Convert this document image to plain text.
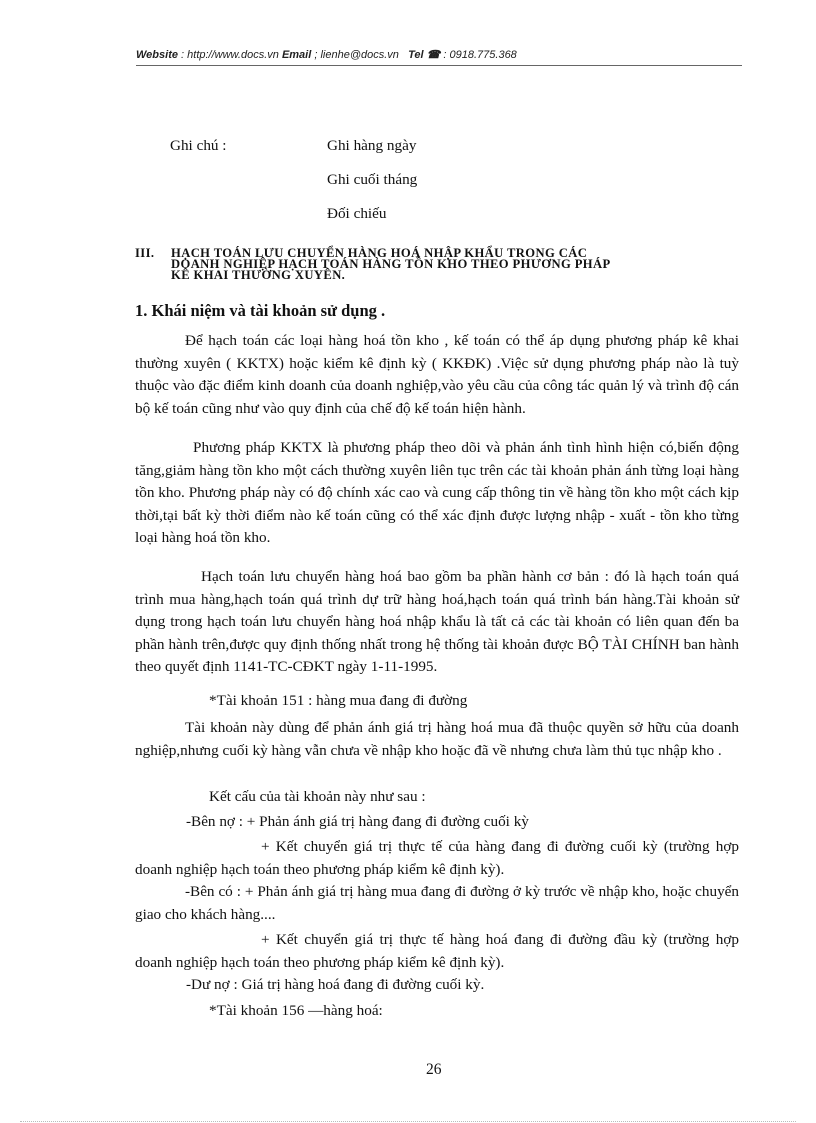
Website : http://www.docs.vn Email ; lienhe@docs.vn Tel ☎ : 0918.775.368
Ghi chú :	Ghi hàng ngày
Ghi cuối tháng
Đối chiếu
III. HẠCH TOÁN LƯU CHUYỂN HÀNG HOÁ NHẬP KHẨU TRONG CÁC
DOANH NGHIỆP HẠCH TOÁN HÀNG TỒN KHO THEO PHƯƠNG PHÁP
KÊ KHAI THƯỜNG XUYÊN.
1. Khái niệm và tài khoản sử dụng .
Để hạch toán các loại hàng hoá tồn kho , kế toán có thể áp dụng phương pháp kê khai thường xuyên ( KKTX) hoặc kiểm kê định kỳ ( KKĐK) .Việc sử dụng phương pháp nào là tuỳ thuộc vào đặc điểm kinh doanh của doanh nghiệp,vào yêu cầu của công tác quản lý và trình độ cán bộ kế toán cũng như vào quy định của chế độ kế toán hiện hành.
Phương pháp KKTX là phương pháp theo dõi và phản ánh tình hình hiện có,biến động tăng,giảm hàng tồn kho một cách thường xuyên liên tục trên các tài khoản phản ánh từng loại hàng tồn kho. Phương pháp này có độ chính xác cao và cung cấp thông tin về hàng tồn kho một cách kịp thời,tại bất kỳ thời điểm nào kế toán cũng có thể xác định được lượng nhập - xuất - tồn kho từng loại hàng hoá tồn kho.
Hạch toán lưu chuyển hàng hoá bao gồm ba phần hành cơ bản : đó là hạch toán quá trình mua hàng,hạch toán quá trình dự trữ hàng hoá,hạch toán quá trình bán hàng.Tài khoản sử dụng trong hạch toán lưu chuyển hàng hoá nhập khẩu là tất cả các tài khoản có liên quan đến ba phần hành trên,được quy định thống nhất trong hệ thống tài khoản được BỘ TÀI CHÍNH ban hành theo quyết định 1141-TC-CĐKT ngày 1-11-1995.
*Tài khoản 151 : hàng mua đang đi đường
Tài khoản này dùng để phản ánh giá trị hàng hoá mua đã thuộc quyền sở hữu của doanh nghiệp,nhưng cuối kỳ hàng vẫn chưa về nhập kho hoặc đã về nhưng chưa làm thủ tục nhập kho .
Kết cấu của tài khoản này như sau :
-Bên nợ : + Phản ánh giá trị hàng đang đi đường cuối kỳ
+ Kết chuyển giá trị thực tế của hàng đang đi đường cuối kỳ (trường hợp doanh nghiệp hạch toán theo phương pháp kiểm kê định kỳ).
-Bên có : + Phản ánh giá trị hàng mua đang đi đường ở kỳ trước về nhập kho, hoặc chuyển giao cho khách hàng....
+ Kết chuyển giá trị thực tế hàng hoá đang đi đường đầu kỳ (trường hợp doanh nghiệp hạch toán theo phương pháp kiểm kê định kỳ).
-Dư nợ : Giá trị hàng hoá đang đi đường cuối kỳ.
*Tài khoản 156 —hàng hoá:
26
